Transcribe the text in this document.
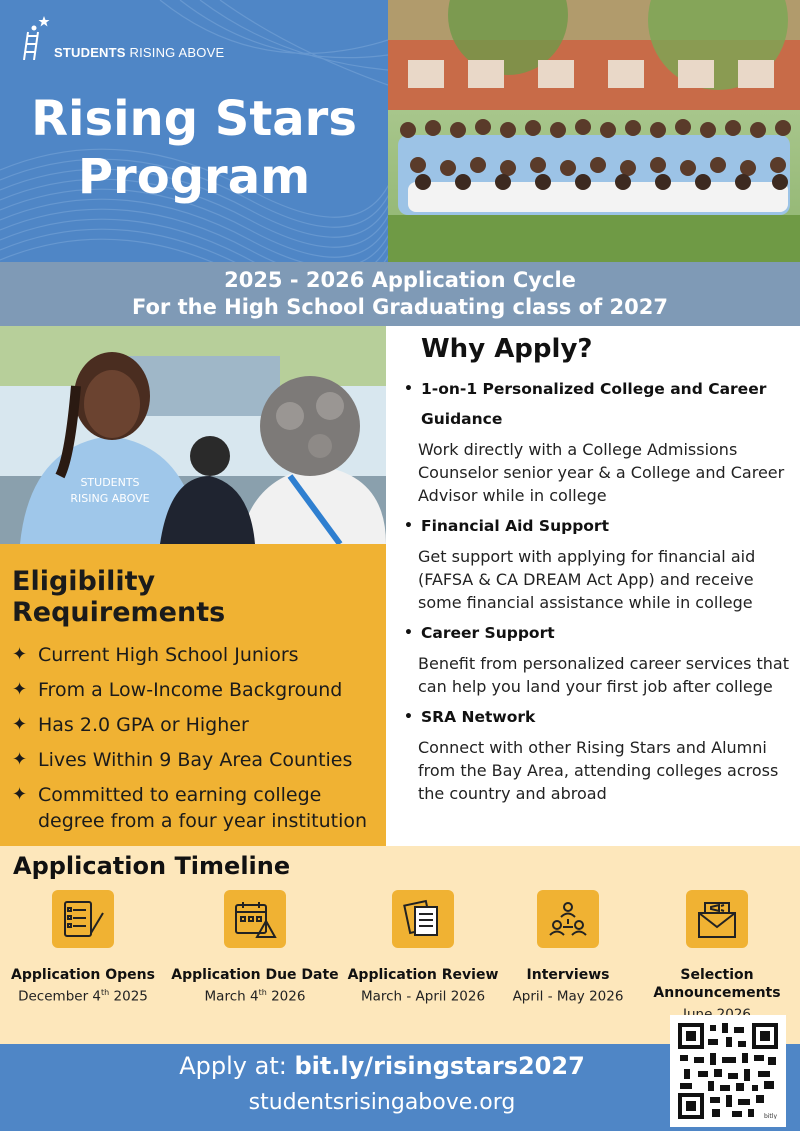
STUDENTS RISING ABOVE
Rising Stars
Program
2025 - 2026 Application Cycle
For the High School Graduating class of 2027
STUDENTS
RISING ABOVE
Eligibility Requirements
✦ Current High School Juniors
✦ From a Low-Income Background
✦ Has 2.0 GPA or Higher
✦ Lives Within 9 Bay Area Counties
✦ Committed to earning college degree from a four year institution
Why Apply?
• 1-on-1 Personalized College and Career Guidance
Work directly with a College Admissions Counselor senior year & a College and Career Advisor while in college
• Financial Aid Support
Get support with applying for financial aid (FAFSA & CA DREAM Act App) and receive some financial assistance while in college
• Career Support
Benefit from personalized career services that can help you land your first job after college
• SRA Network
Connect with other Rising Stars and Alumni from the Bay Area, attending colleges across the country and abroad
Application Timeline
Application Opens
December 4th 2025
Application Due Date
March 4th 2026
Application Review
March - April 2026
Interviews
April - May 2026
Selection Announcements
Apply at: bit.ly/risingstars2027
studentsrisingabove.org
bitly
